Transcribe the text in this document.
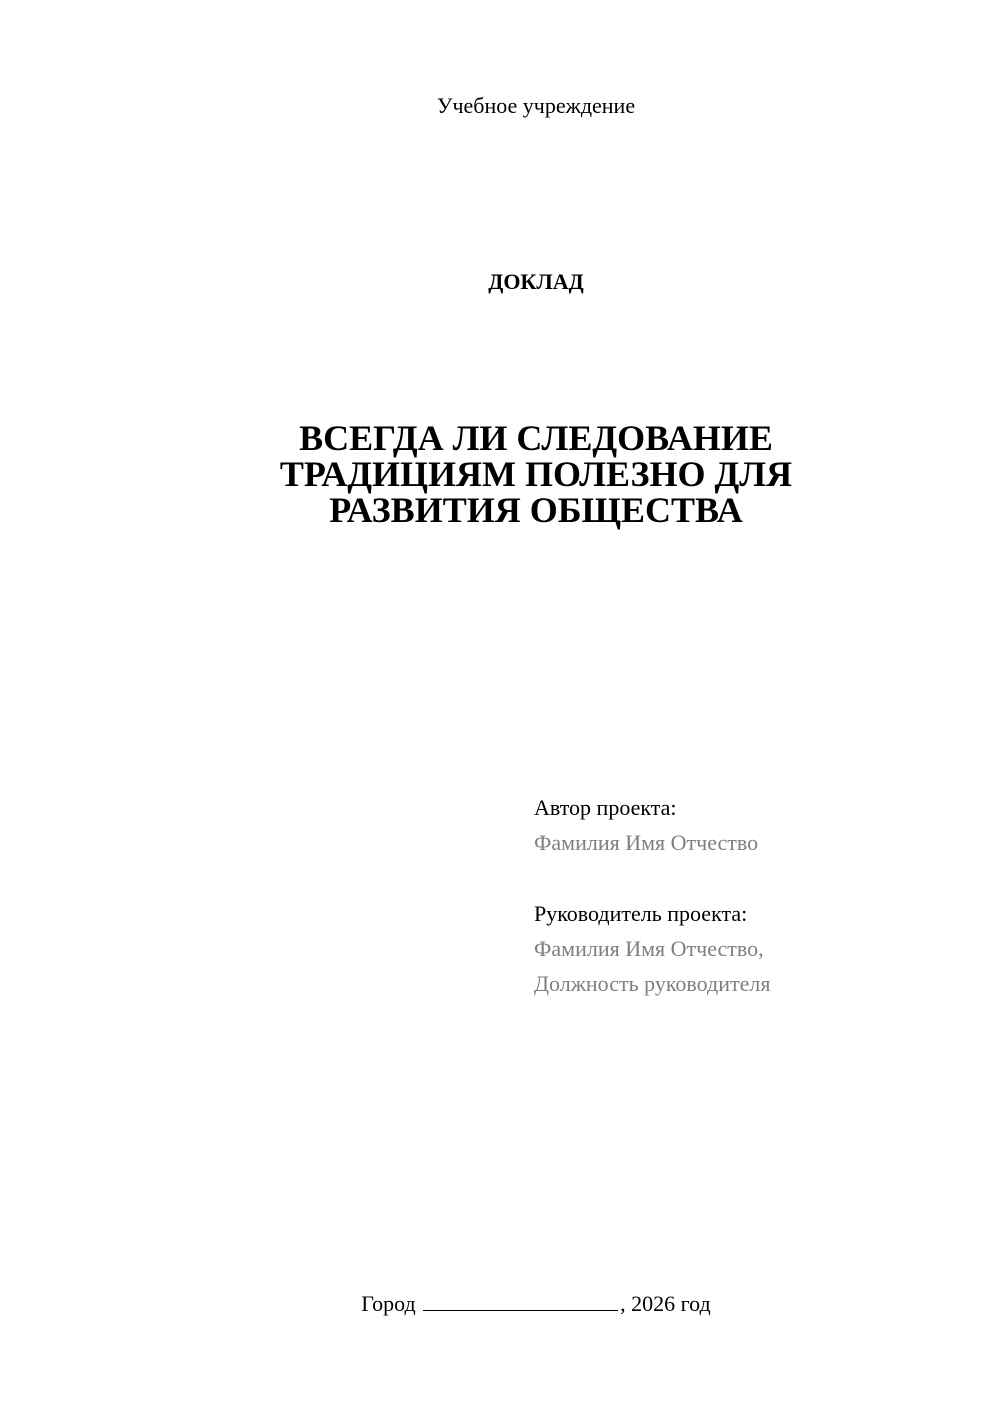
Учебное учреждение
ДОКЛАД
ВСЕГДА ЛИ СЛЕДОВАНИЕ
ТРАДИЦИЯМ ПОЛЕЗНО ДЛЯ
РАЗВИТИЯ ОБЩЕСТВА
Автор проекта:
Фамилия Имя Отчество
Руководитель проекта:
Фамилия Имя Отчество,
Должность руководителя
Город	, 2026 год
